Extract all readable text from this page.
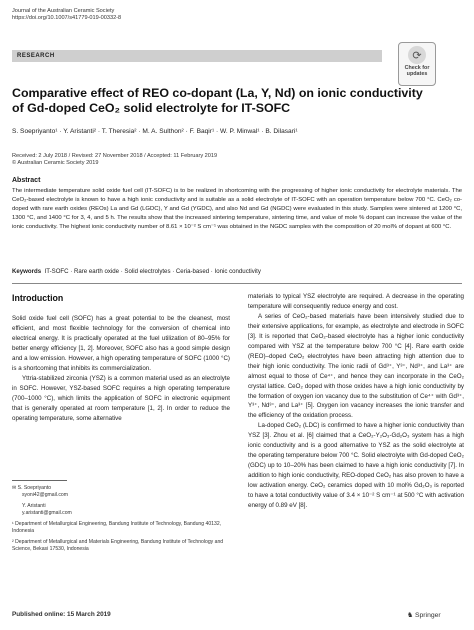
Journal of the Australian Ceramic Society
https://doi.org/10.1007/s41779-019-00332-8
RESEARCH	⟳
Check for updates
Comparative effect of REO co-dopant (La, Y, Nd) on ionic conductivity
of Gd-doped CeO₂ solid electrolyte for IT-SOFC
S. Soepriyanto¹ · Y. Aristanti² · T. Theresia² · M. A. Sulthon² · F. Baqir¹ · W. P. Minwal¹ · B. Dilasari¹
Received: 2 July 2018 / Revised: 27 November 2018 / Accepted: 11 February 2019
© Australian Ceramic Society 2019
Abstract
The intermediate temperature solid oxide fuel cell (IT-SOFC) is to be realized in shortcoming with the progressing of higher ionic conductivity for electrolyte materials. The CeO₂-based electrolyte is known to have a high ionic conductivity and is suitable as a solid electrolyte of IT-SOFC with an operation temperature below 700 °C. CeO₂ co-doped with rare earth oxides (REOs) La and Gd (LGDC), Y and Gd (YGDC), and also Nd and Gd (NGDC) were evaluated in this study. Samples were sintered at 1200 °C, 1300 °C, and 1400 °C for 3, 4, and 5 h. The results show that the increased sintering temperature, sintering time, and value of mole % dopant can increase the value of the ionic conductivity. The highest ionic conductivity number of 8.61 × 10⁻² S cm⁻¹ was obtained in the NGDC samples with the composition of 20 mol% of dopant at 600 °C.
Keywords IT-SOFC · Rare earth oxide · Solid electrolytes · Ceria-based · Ionic conductivity
Introduction

Solid oxide fuel cell (SOFC) has a great potential to be the cleanest, most efficient, and most flexible technology for the conversion of chemical into electrical energy. It is practically operated at the fuel utilization of 80–95% for better energy efficiency [1, 2]. Moreover, SOFC also has a good simple design and a low emission. However, a high operating temperature of SOFC (1000 °C) is a shortcoming that inhibits its commercialization.

Yttria-stabilized zirconia (YSZ) is a common material used as an electrolyte in SOFC. However, YSZ-based SOFC requires a high operating temperature (700–1000 °C), which limits the application of SOFC in electronic equipment that is generally operated at room temperature [1, 2]. In order to reduce the operating temperature, some alternative

materials to typical YSZ electrolyte are required. A decrease in the operating temperature will consequently reduce energy and cost.

A series of CeO₂-based materials have been intensively studied due to their extensive applications, for example, as electrolyte and electrode in SOFC [3]. It is reported that CeO₂-based electrolyte has a higher ionic conductivity compared with YSZ at the temperature below 700 °C [4]. Rare earth oxide (REO)–doped CeO₂ electrolytes have been attracting high attention due to their high ionic conductivity. The ionic radii of Gd³⁺, Y³⁺, Nd³⁺, and La³⁺ are almost equal to those of Ce⁴⁺, and hence they can incorporate in the CeO₂ crystal lattice. CeO₂ doped with those oxides have a high ionic conductivity by the formation of oxygen ion vacancy due to the substitution of Ce⁴⁺ with Gd³⁺, Y³⁺, Nd³⁺, and La³⁺ [5]. Oxygen ion vacancy increases the ionic transfer and the efficiency of the oxidation process.

La-doped CeO₂ (LDC) is confirmed to have a higher ionic conductivity than YSZ [3]. Zhou et al. [6] claimed that a CeO₂-Y₂O₃-Gd₂O₃ system has a high ionic conductivity and is a good alternative to YSZ as the solid electrolyte at the operating temperature below 700 °C. Solid electrolyte with Gd-doped CeO₂ (GDC) up to 10–20% has been claimed to have a high ionic conductivity [7]. In addition to high ionic conductivity, REO-doped CeO₂ has also proven to have a low activation energy. CeO₂ ceramics doped with 10 mol% Gd₂O₃ is reported to have a total conductivity value of 3.4 × 10⁻² S cm⁻¹ at 500 °C with activation energy of 0.89 eV [8].

✉ S. Soepriyanto
syoni42@gmail.com
Y. Aristanti
y.aristanti@gmail.com
¹ Department of Metallurgical Engineering, Bandung Institute of Technology, Bandung 40132, Indonesia
² Department of Metallurgical and Materials Engineering, Bandung Institute of Technology and Science, Bekasi 17530, Indonesia
Published online: 15 March 2019	♞ Springer
